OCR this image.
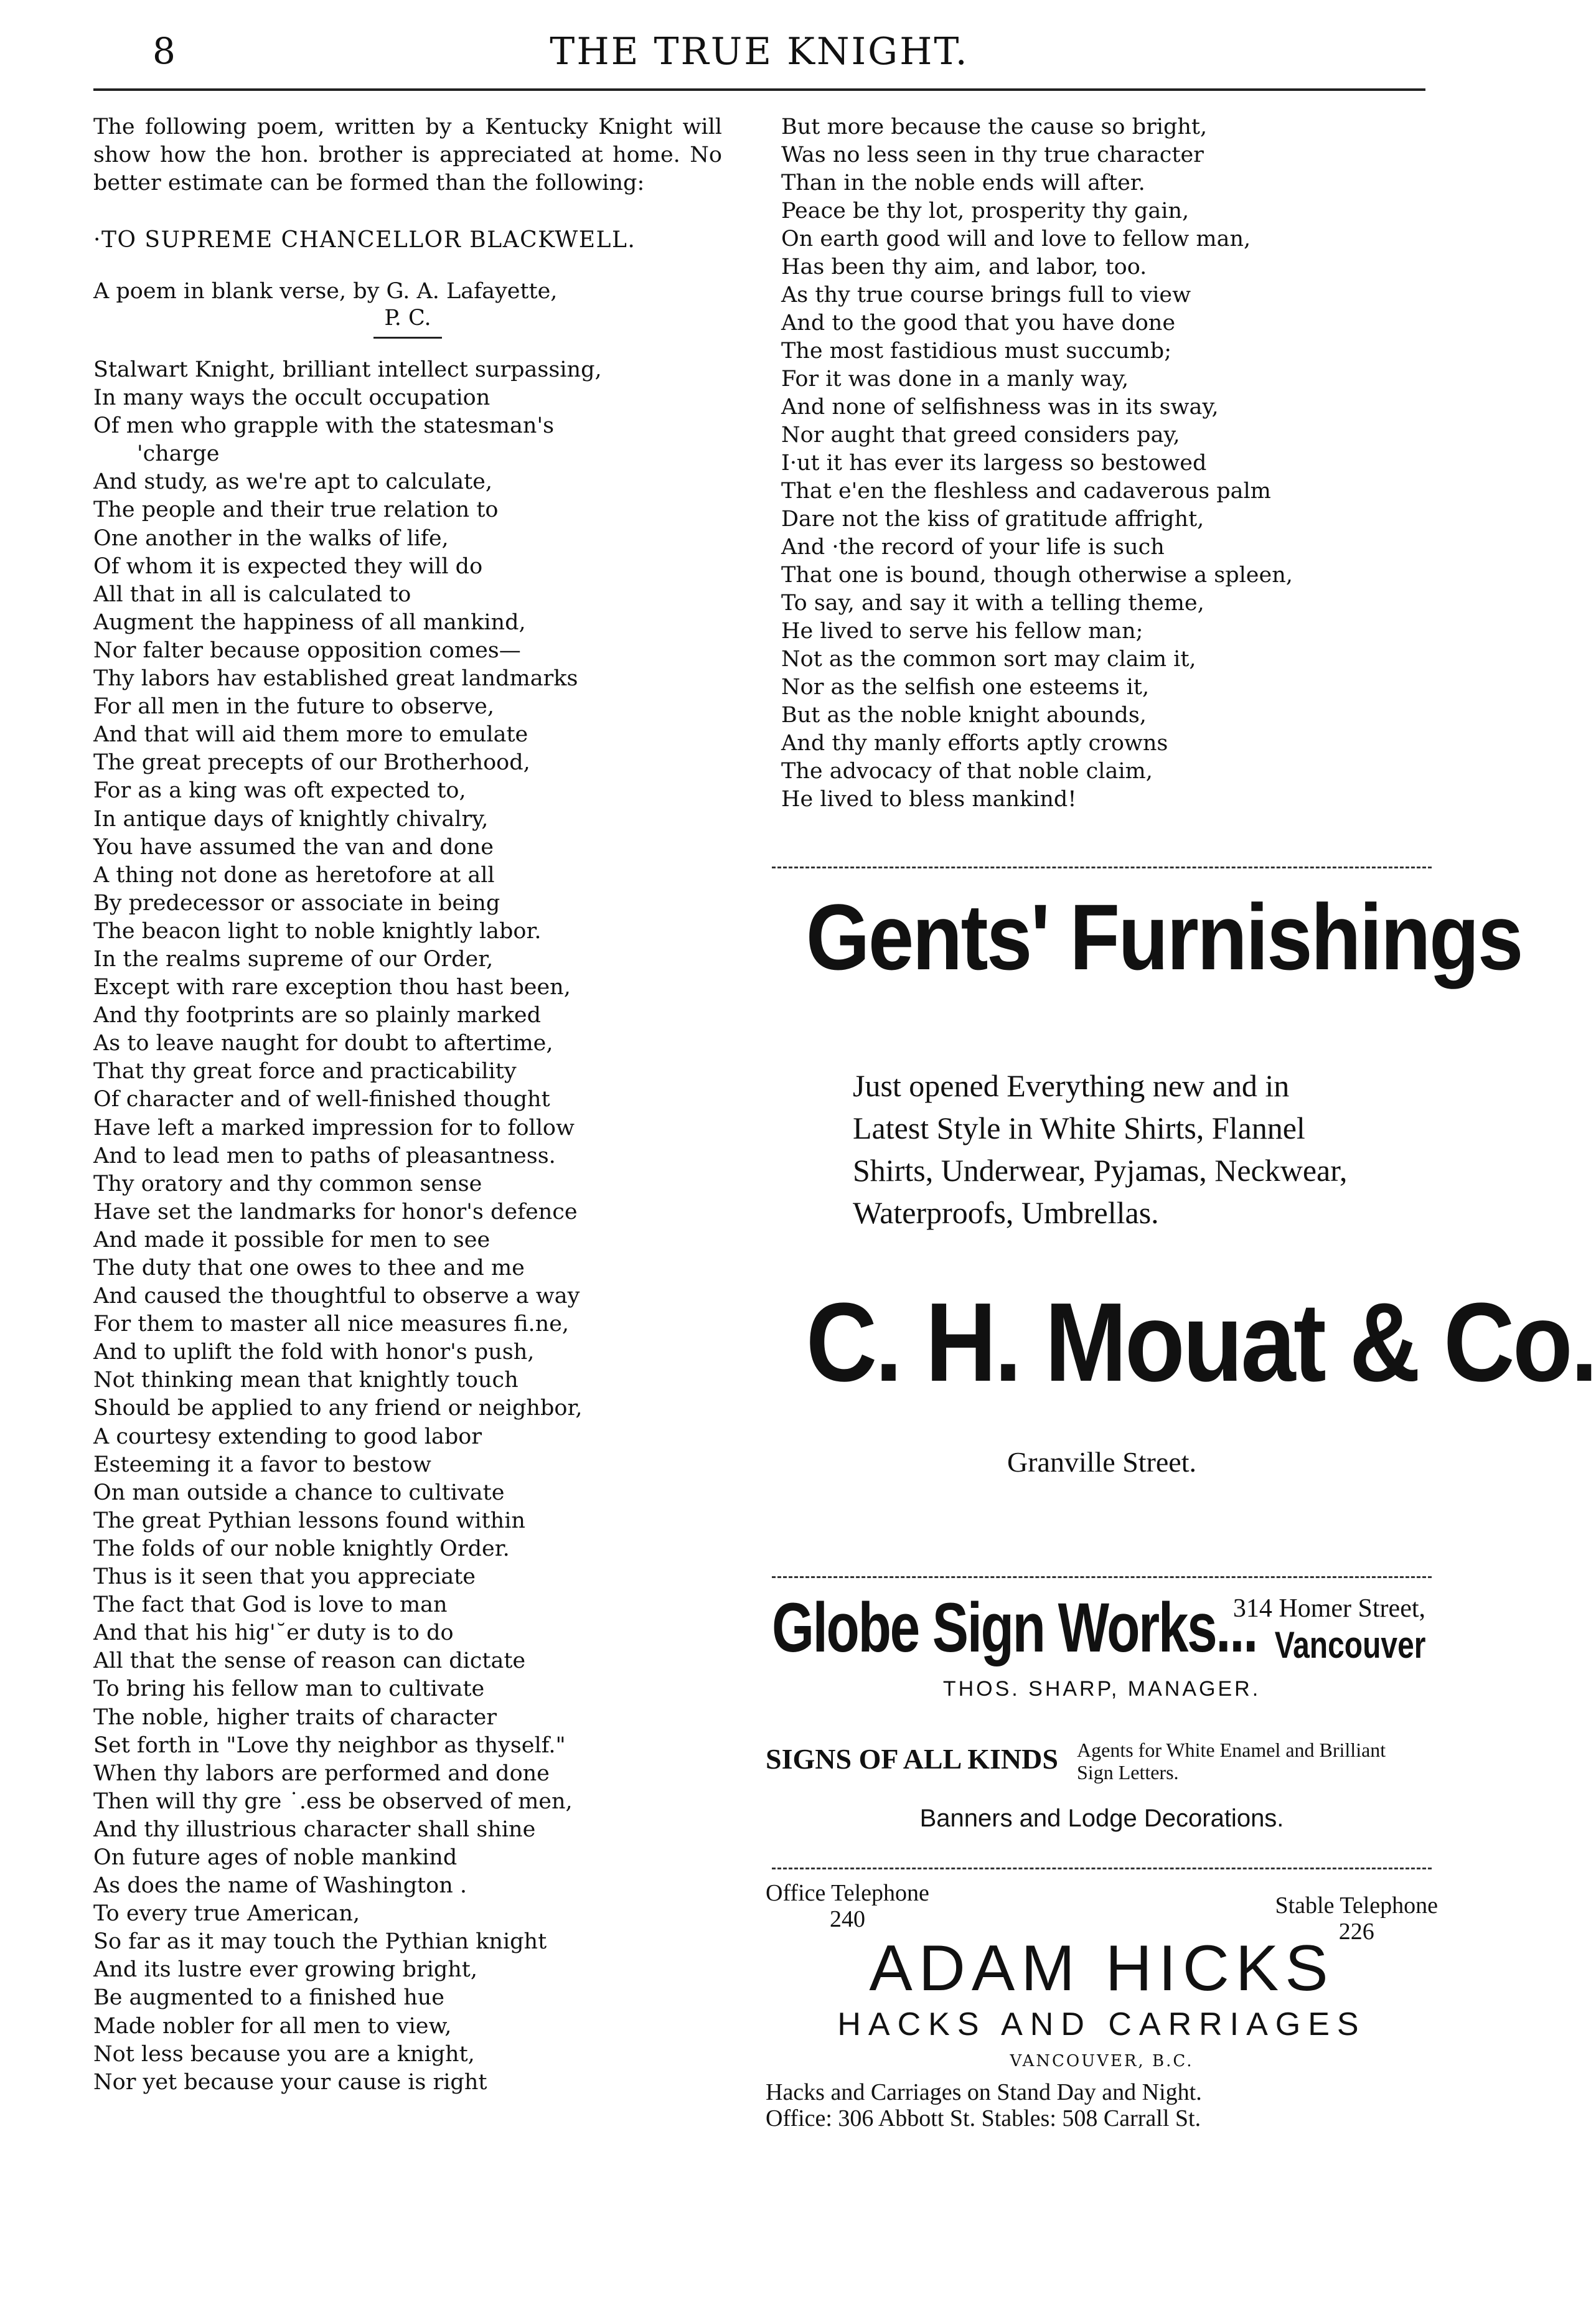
8	THE TRUE KNIGHT.

The following poem, written by a Kentucky Knight will show how the hon. brother is appreciated at home. No better estimate can be formed than the following:

·TO SUPREME CHANCELLOR BLACKWELL.

A poem in blank verse, by G. A. Lafayette,

P. C.

Stalwart Knight, brilliant intellect surpassing,
In many ways the occult occupation
Of men who grapple with the statesman's
'charge
And study, as we're apt to calculate,
The people and their true relation to
One another in the walks of life,
Of whom it is expected they will do
All that in all is calculated to
Augment the happiness of all mankind,
Nor falter because opposition comes—
Thy labors hav established great landmarks
For all men in the future to observe,
And that will aid them more to emulate
The great precepts of our Brotherhood,
For as a king was oft expected to,
In antique days of knightly chivalry,
You have assumed the van and done
A thing not done as heretofore at all
By predecessor or associate in being
The beacon light to noble knightly labor.
In the realms supreme of our Order,
Except with rare exception thou hast been,
And thy footprints are so plainly marked
As to leave naught for doubt to aftertime,
That thy great force and practicability
Of character and of well-finished thought
Have left a marked impression for to follow
And to lead men to paths of pleasantness.
Thy oratory and thy common sense
Have set the landmarks for honor's defence
And made it possible for men to see
The duty that one owes to thee and me
And caused the thoughtful to observe a way
For them to master all nice measures fi.ne,
And to uplift the fold with honor's push,
Not thinking mean that knightly touch
Should be applied to any friend or neighbor,
A courtesy extending to good labor
Esteeming it a favor to bestow
On man outside a chance to cultivate
The great Pythian lessons found within
The folds of our noble knightly Order.
Thus is it seen that you appreciate
The fact that God is love to man
And that his hig'˘er duty is to do
All that the sense of reason can dictate
To bring his fellow man to cultivate
The noble, higher traits of character
Set forth in "Love thy neighbor as thyself."
When thy labors are performed and done
Then will thy gre ˙.ess be observed of men,
And thy illustrious character shall shine
On future ages of noble mankind
As does the name of Washington .
To every true American,
So far as it may touch the Pythian knight
And its lustre ever growing bright,
Be augmented to a finished hue
Made nobler for all men to view,
Not less because you are a knight,
Nor yet because your cause is right
But more because the cause so bright,
Was no less seen in thy true character
Than in the noble ends will after.
Peace be thy lot, prosperity thy gain,
On earth good will and love to fellow man,
Has been thy aim, and labor, too.
As thy true course brings full to view
And to the good that you have done
The most fastidious must succumb;
For it was done in a manly way,
And none of selfishness was in its sway,
Nor aught that greed considers pay,
I·ut it has ever its largess so bestowed
That e'en the fleshless and cadaverous palm
Dare not the kiss of gratitude affright,
And ·the record of your life is such
That one is bound, though otherwise a spleen,
To say, and say it with a telling theme,
He lived to serve his fellow man;
Not as the common sort may claim it,
Nor as the selfish one esteems it,
But as the noble knight abounds,
And thy manly efforts aptly crowns
The advocacy of that noble claim,
He lived to bless mankind!
Gents' Furnishings
Just opened Everything new and in Latest Style in White Shirts, Flannel Shirts, Underwear, Pyjamas, Neckwear, Waterproofs, Umbrellas.
C. H. Mouat & Co.
Granville Street.
Globe Sign Works...
314 Homer Street,
Vancouver
THOS. SHARP, MANAGER.
SIGNS OF ALL KINDS Agents for White Enamel and Brilliant Sign Letters.
Banners and Lodge Decorations.
Office Telephone
240
Stable Telephone
226
ADAM HICKS
HACKS AND CARRIAGES
VANCOUVER, B.C.
Hacks and Carriages on Stand Day and Night.
Office: 306 Abbott St. Stables: 508 Carrall St.
